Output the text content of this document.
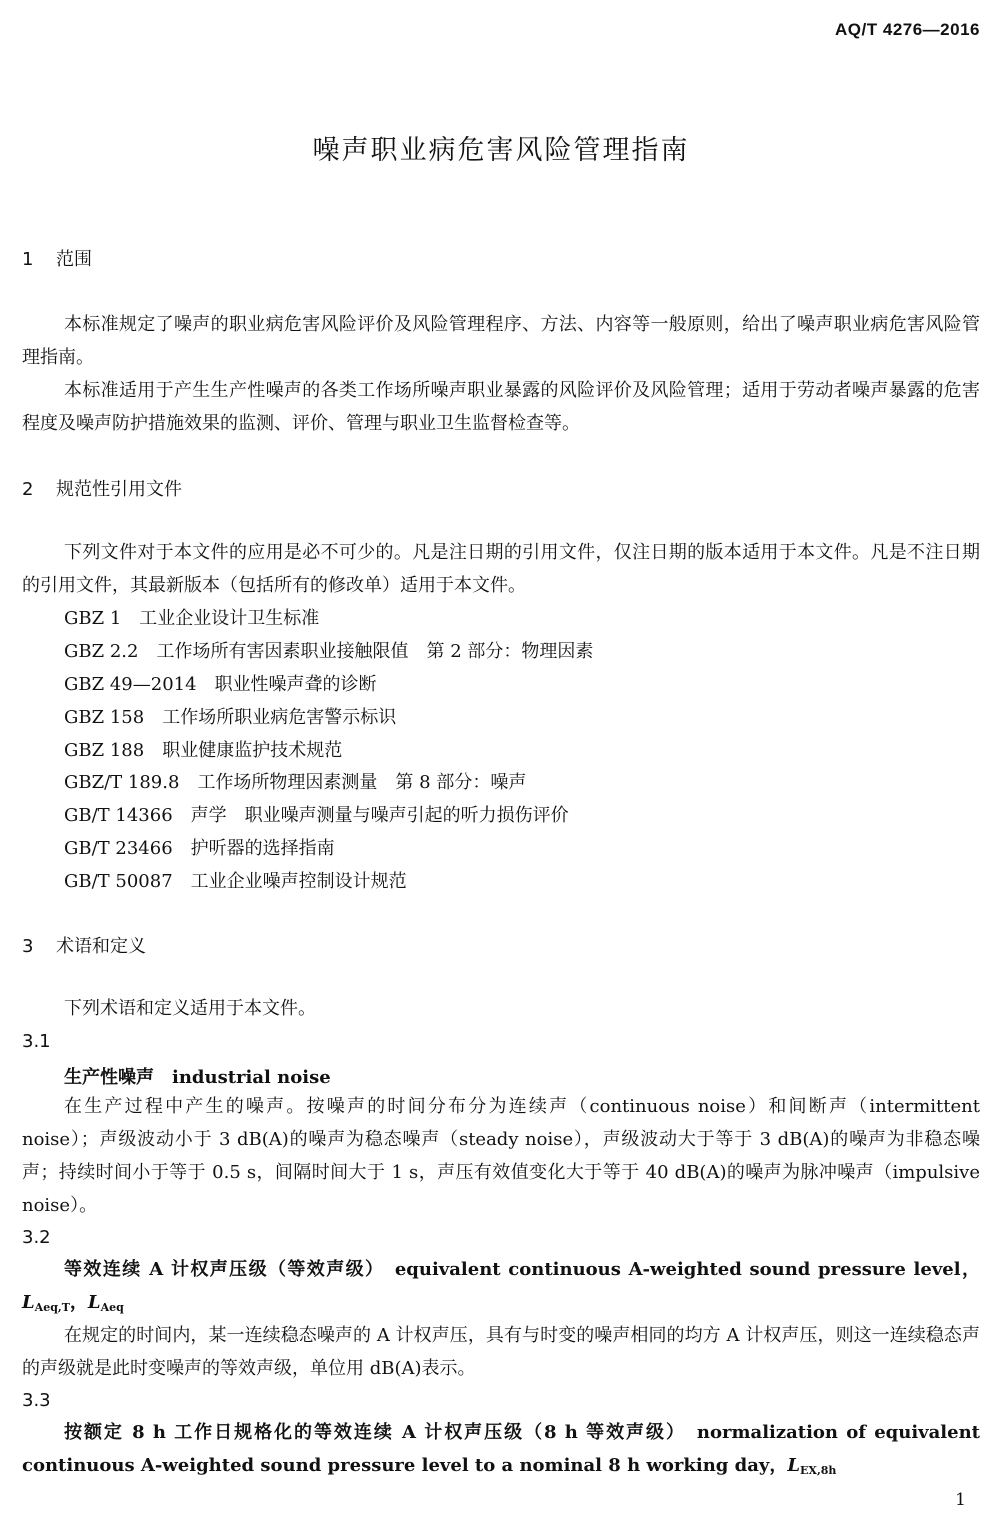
AQ/T 4276—2016
噪声职业病危害风险管理指南
1 范围

本标准规定了噪声的职业病危害风险评价及风险管理程序、方法、内容等一般原则，给出了噪声职业病危害风险管理指南。

本标准适用于产生生产性噪声的各类工作场所噪声职业暴露的风险评价及风险管理；适用于劳动者噪声暴露的危害程度及噪声防护措施效果的监测、评价、管理与职业卫生监督检查等。

2 规范性引用文件

下列文件对于本文件的应用是必不可少的。凡是注日期的引用文件，仅注日期的版本适用于本文件。凡是不注日期的引用文件，其最新版本（包括所有的修改单）适用于本文件。

GBZ 1　 工业企业设计卫生标准
GBZ 2.2　 工作场所有害因素职业接触限值　第 2 部分：物理因素
GBZ 49—2014　 职业性噪声聋的诊断
GBZ 158　 工作场所职业病危害警示标识
GBZ 188　 职业健康监护技术规范
GBZ/T 189.8　 工作场所物理因素测量　第 8 部分：噪声
GB/T 14366　 声学　职业噪声测量与噪声引起的听力损伤评价
GB/T 23466　 护听器的选择指南
GB/T 50087　 工业企业噪声控制设计规范
3 术语和定义

下列术语和定义适用于本文件。

3.1
生产性噪声　industrial noise

在生产过程中产生的噪声。按噪声的时间分布分为连续声（continuous noise）和间断声（intermittent noise）；声级波动小于 3 dB(A)的噪声为稳态噪声（steady noise），声级波动大于等于 3 dB(A)的噪声为非稳态噪声；持续时间小于等于 0.5 s，间隔时间大于 1 s，声压有效值变化大于等于 40 dB(A)的噪声为脉冲噪声（impulsive noise）。

3.2

等效连续 A 计权声压级（等效声级）　equivalent continuous A-weighted sound pressure level，$L_{Aeq,T}$，$L_{Aeq}$

在规定的时间内，某一连续稳态噪声的 A 计权声压，具有与时变的噪声相同的均方 A 计权声压，则这一连续稳态声的声级就是此时变噪声的等效声级，单位用 dB(A)表示。

3.3

按额定 8 h 工作日规格化的等效连续 A 计权声压级（8 h 等效声级）　normalization of equivalent continuous A-weighted sound pressure level to a nominal 8 h working day，$L_{EX,8h}$

1
